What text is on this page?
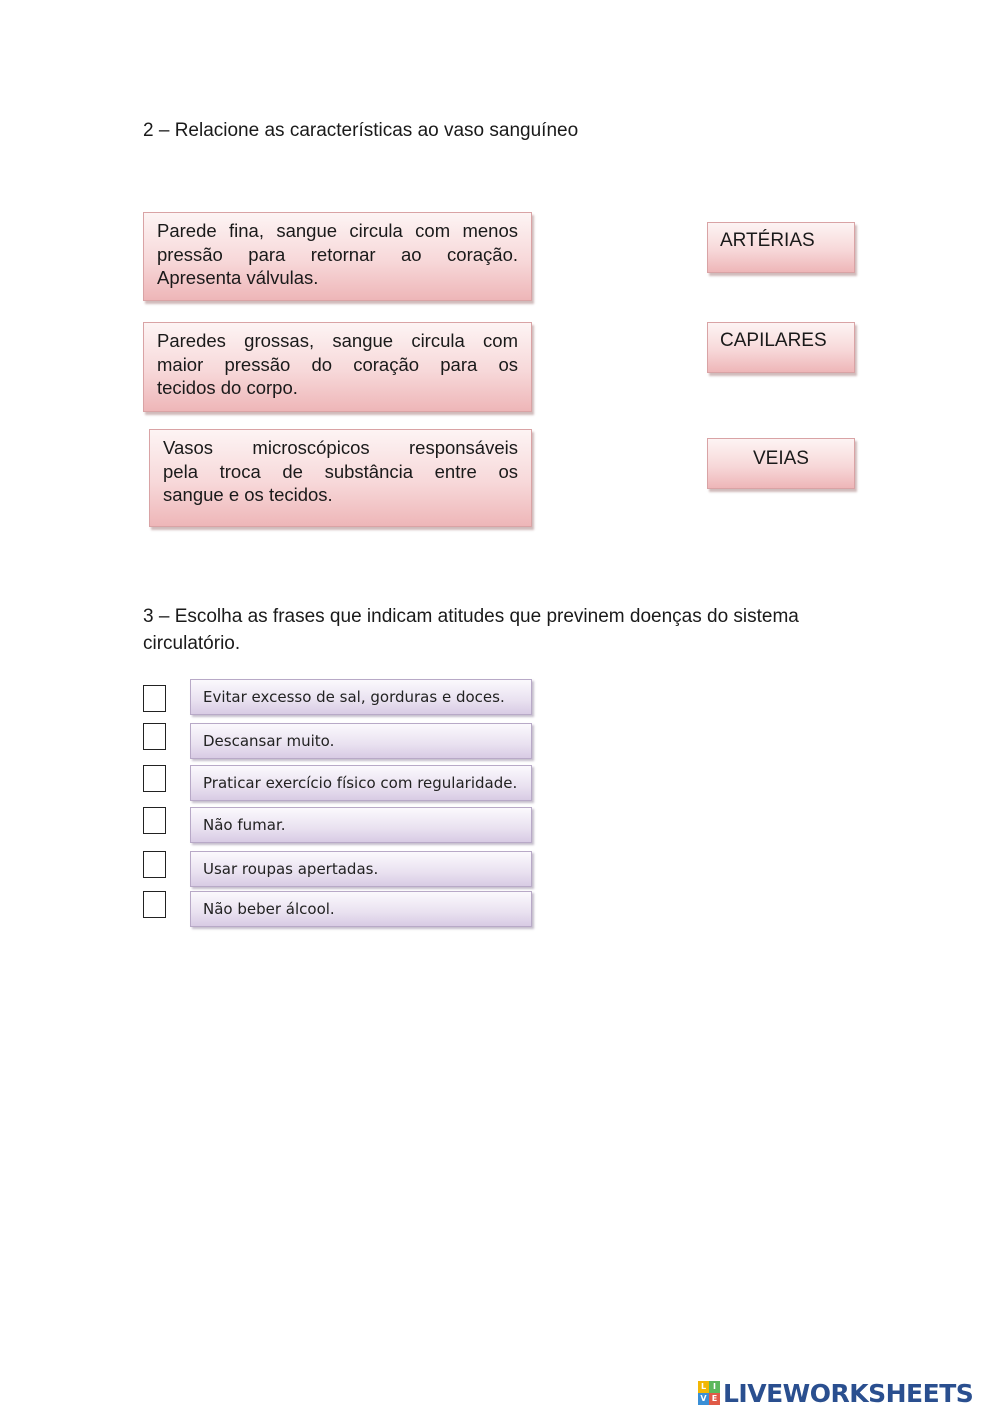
2 – Relacione as características ao vaso sanguíneo
Parede fina, sangue circula com menos
pressão para retornar ao coração.
Apresenta válvulas.
Paredes grossas, sangue circula com
maior pressão do coração para os
tecidos do corpo.
Vasos microscópicos responsáveis
pela troca de substância entre os
sangue e os tecidos.
ARTÉRIAS
CAPILARES
VEIAS

3 – Escolha as frases que indicam atitudes que previnem doenças do sistema circulatório.

Evitar excesso de sal, gorduras e doces.
Descansar muito.
Praticar exercício físico com regularidade.
Não fumar.
Usar roupas apertadas.
Não beber álcool.
L I
V E LIVEWORKSHEETS
